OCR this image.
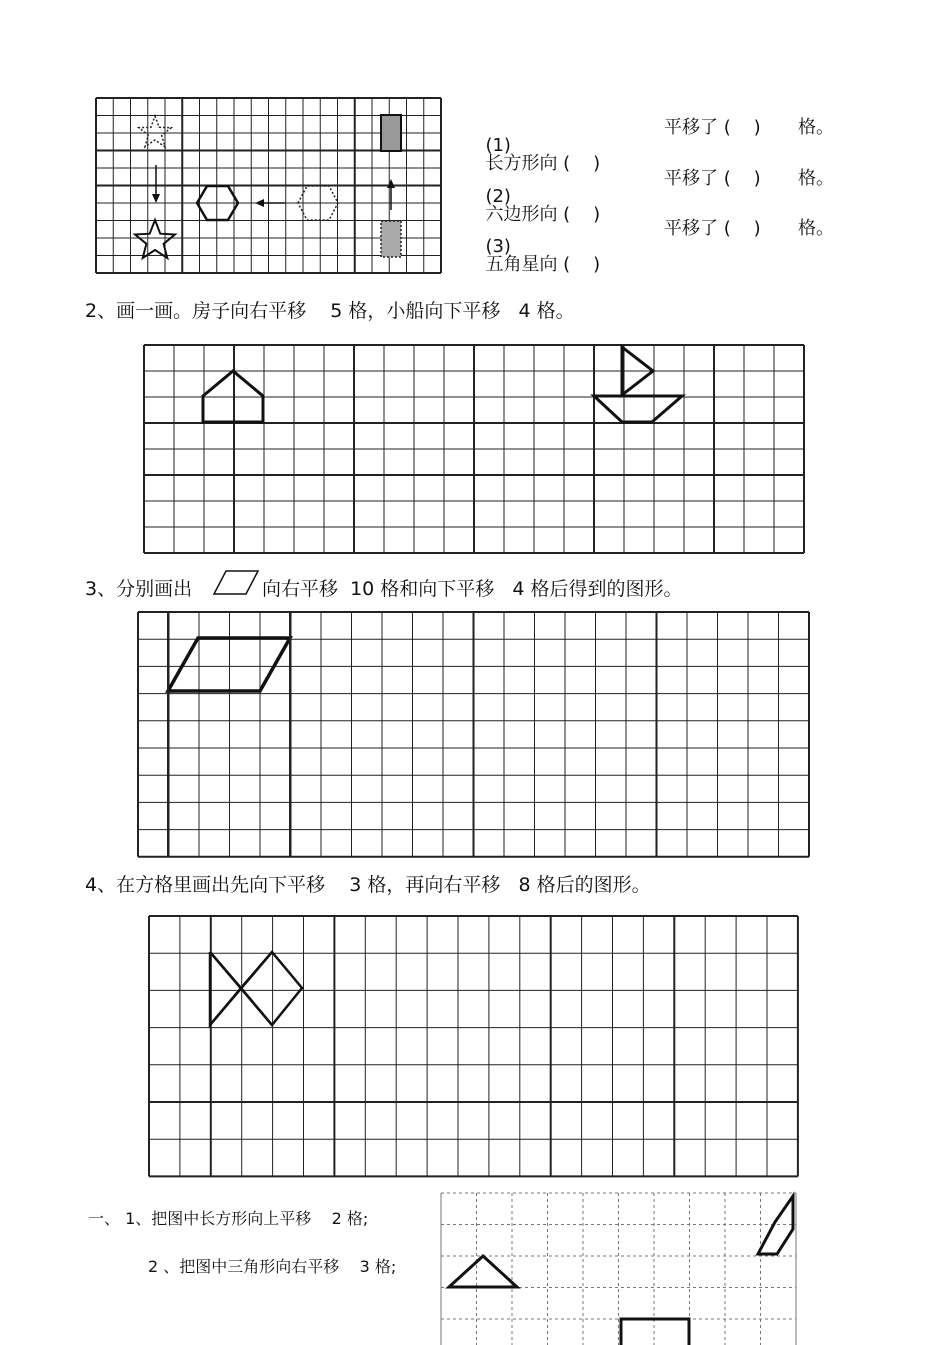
(1)
长方形向 (    )

平移了 (    ) 格。

(2)
六边形向 (    )

平移了 (    ) 格。

(3)
五角星向 (    )

平移了 (    ) 格。
2、画一画。房子向右平移    5 格，小船向下平移   4 格。
3、分别画出	向右平移  10 格和向下平移   4 格后得到的图形。
4、在方格里画出先向下平移    3 格，再向右平移   8 格后的图形。
一、 1、把图中长方形向上平移    2 格;
2 、把图中三角形向右平移    3 格;
